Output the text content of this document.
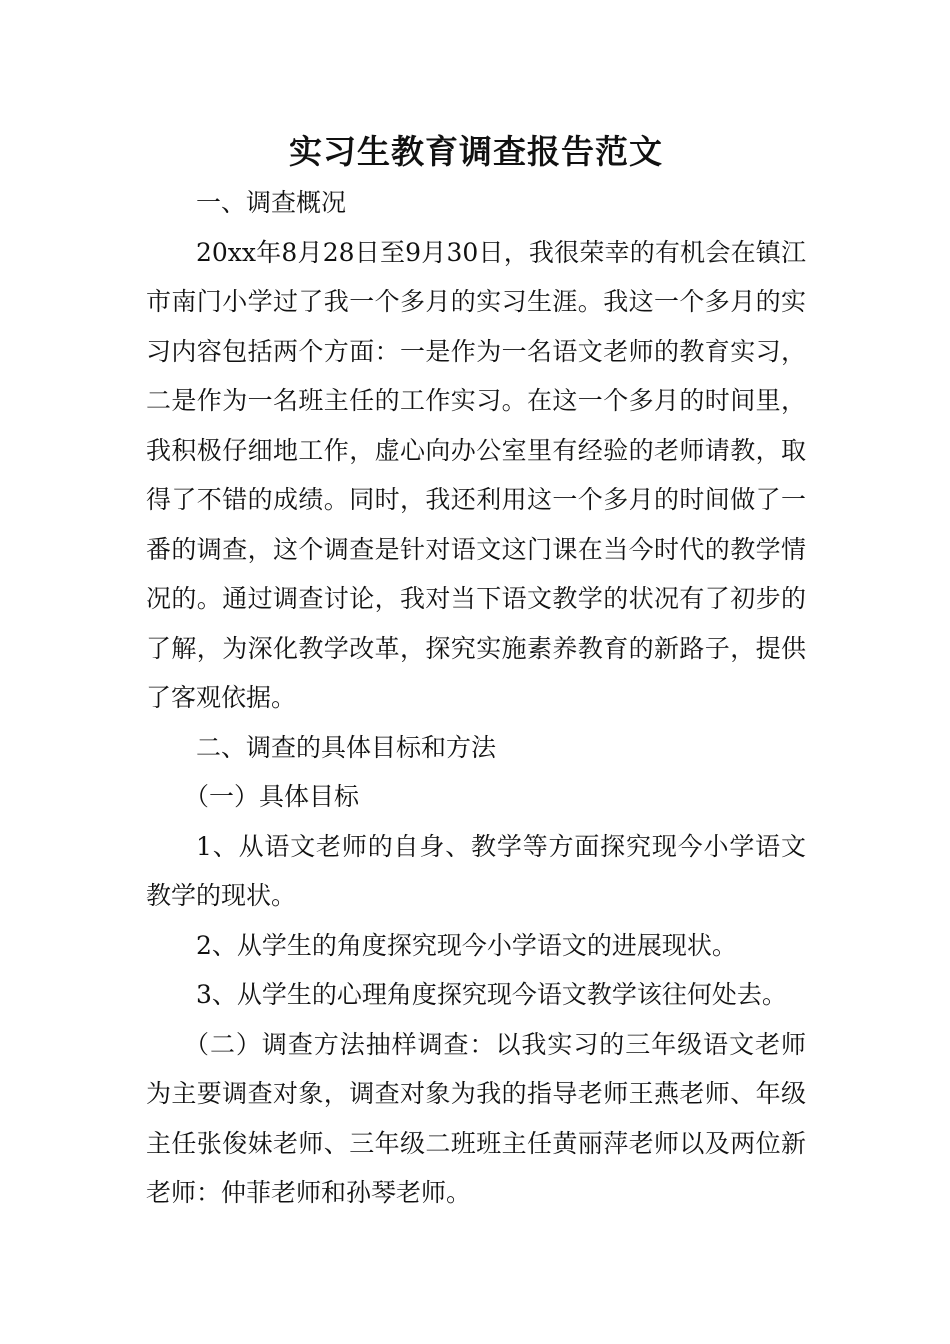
实习生教育调查报告范文

一、调查概况

20xx年8月28日至9月30日，我很荣幸的有机会在镇江市南门小学过了我一个多月的实习生涯。我这一个多月的实习内容包括两个方面：一是作为一名语文老师的教育实习，二是作为一名班主任的工作实习。在这一个多月的时间里，我积极仔细地工作，虚心向办公室里有经验的老师请教，取得了不错的成绩。同时，我还利用这一个多月的时间做了一番的调查，这个调查是针对语文这门课在当今时代的教学情况的。通过调查讨论，我对当下语文教学的状况有了初步的了解，为深化教学改革，探究实施素养教育的新路子，提供了客观依据。

二、调查的具体目标和方法

（一）具体目标

1、从语文老师的自身、教学等方面探究现今小学语文教学的现状。

2、从学生的角度探究现今小学语文的进展现状。

3、从学生的心理角度探究现今语文教学该往何处去。

（二）调查方法抽样调查：以我实习的三年级语文老师为主要调查对象，调查对象为我的指导老师王燕老师、年级主任张俊妹老师、三年级二班班主任黄丽萍老师以及两位新老师：仲菲老师和孙琴老师。
